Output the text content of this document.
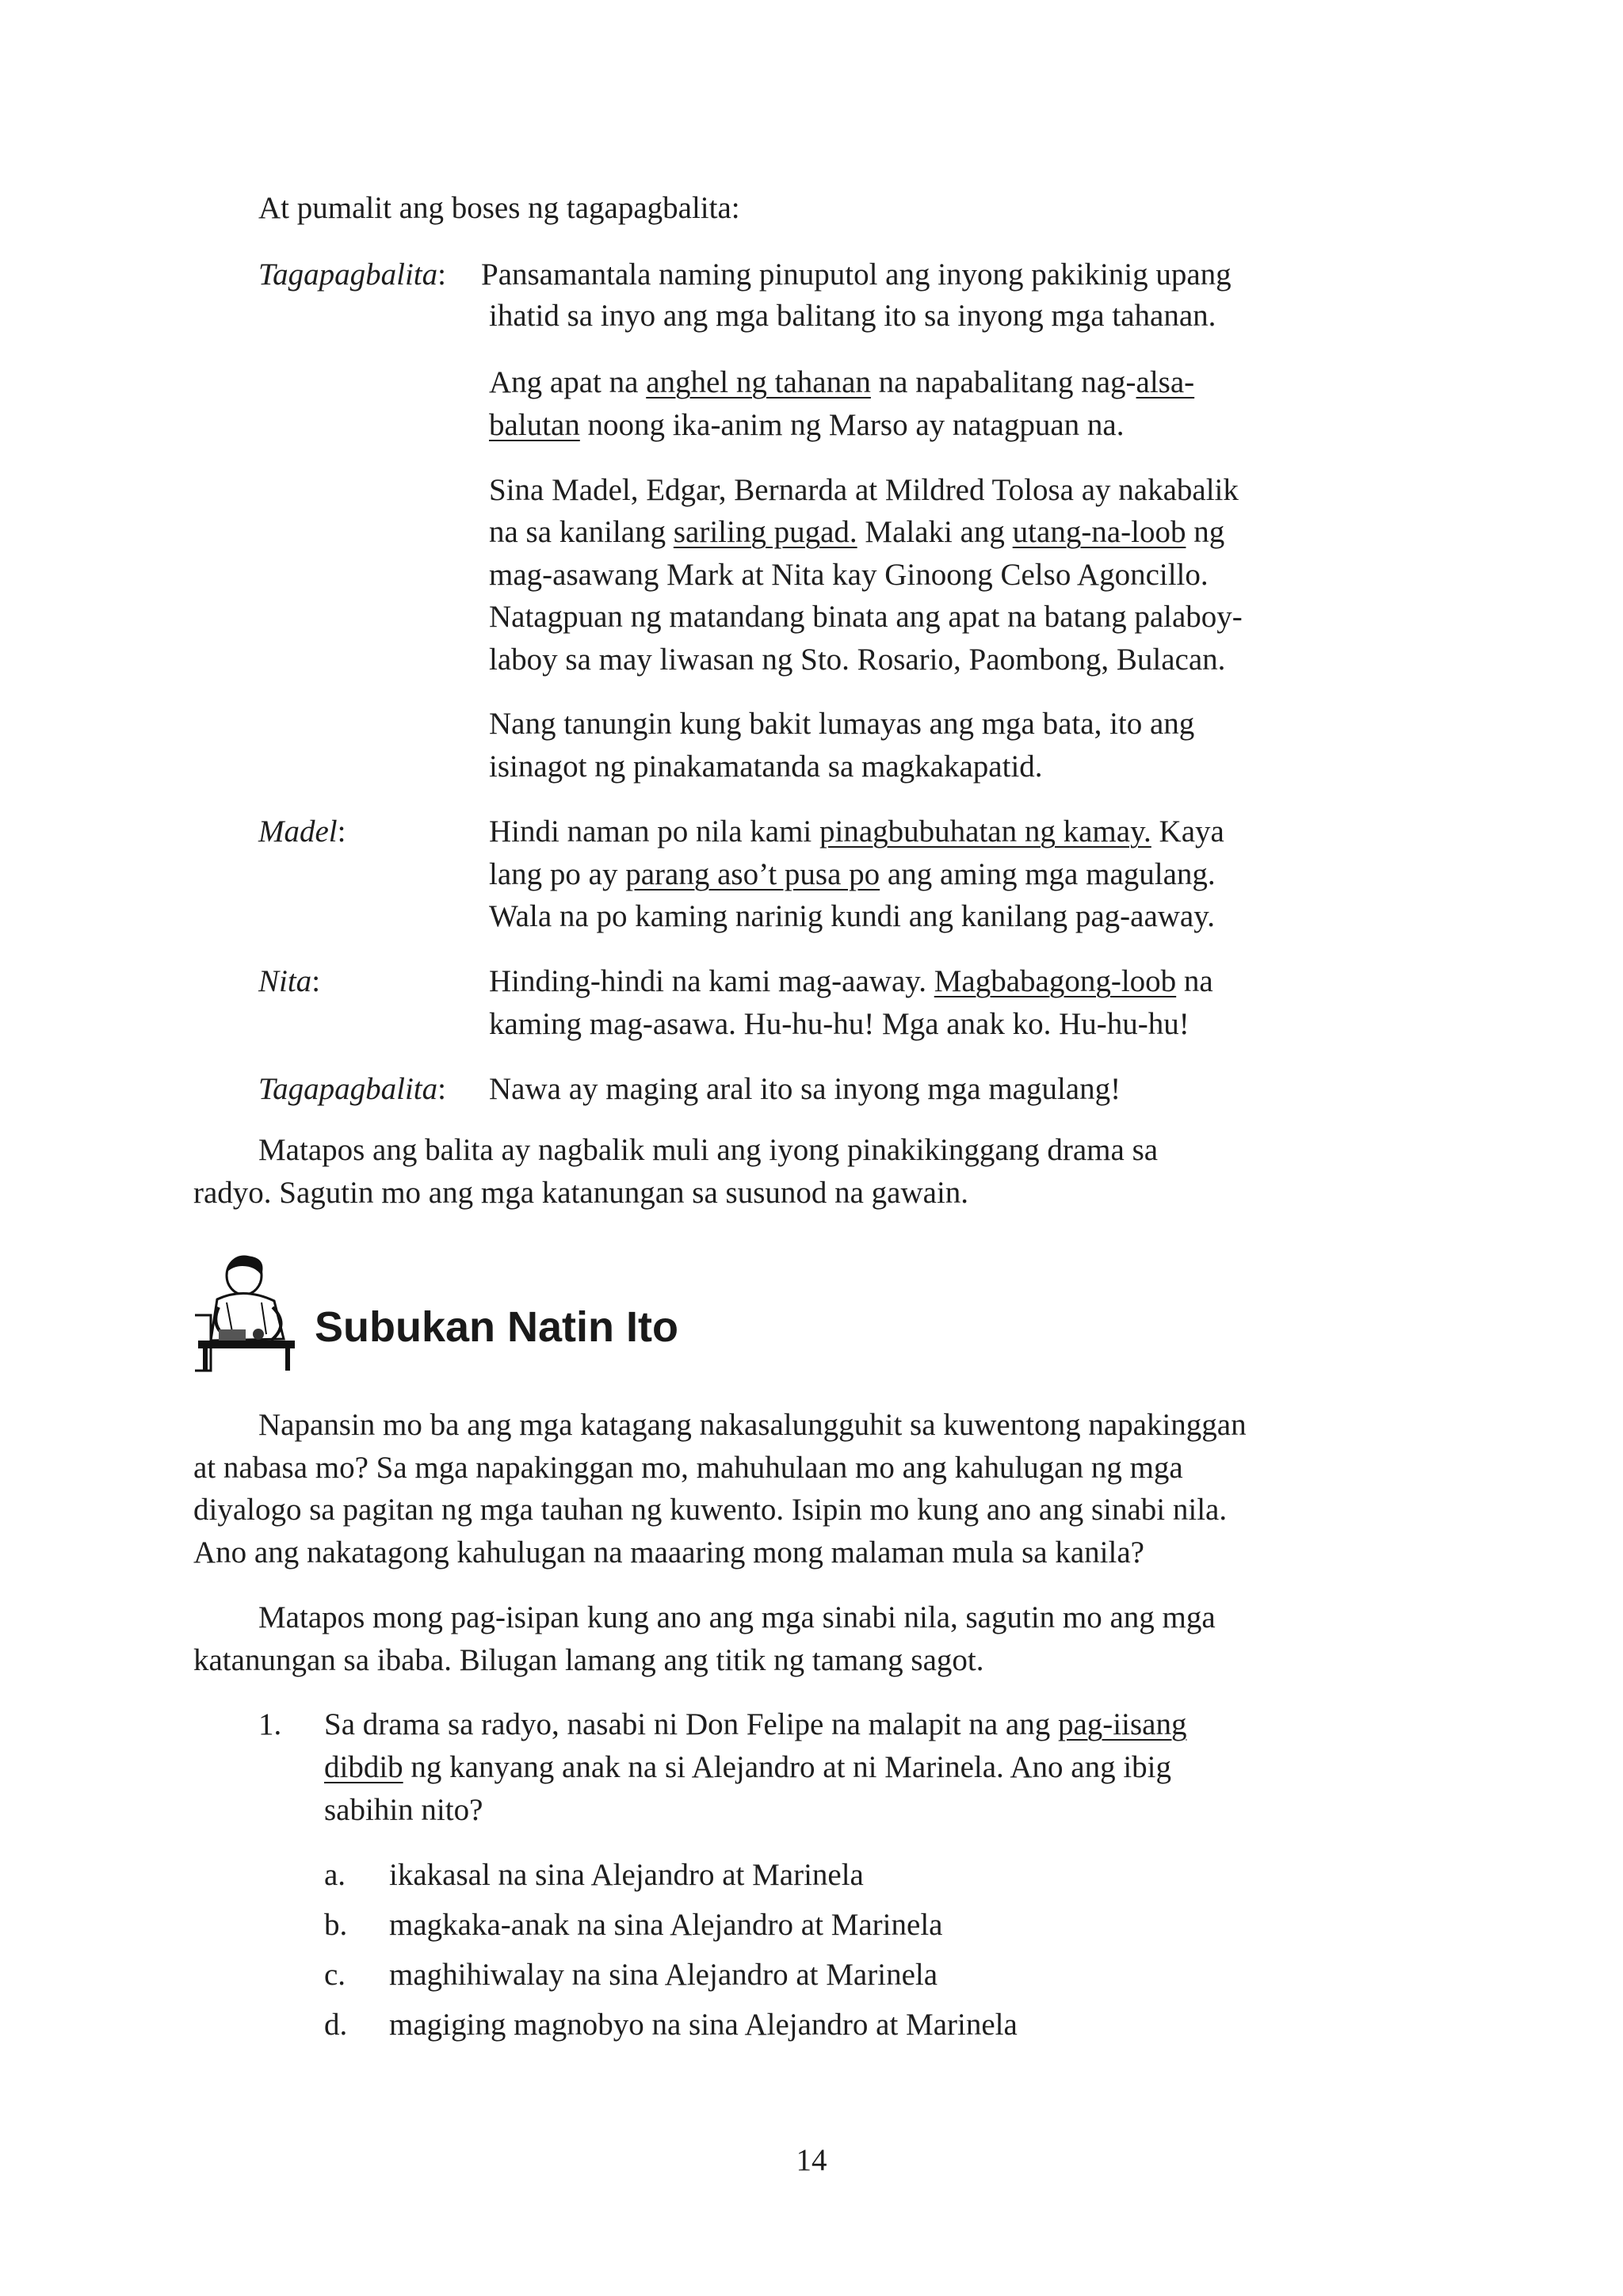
At pumalit ang boses ng tagapagbalita:
Tagapagbalita: Pansamantala naming pinuputol ang inyong pakikinig upang
ihatid sa inyo ang mga balitang ito sa inyong mga tahanan.
Ang apat na anghel ng tahanan na napabalitang nag-alsa-
balutan noong ika-anim ng Marso ay natagpuan na.
Sina Madel, Edgar, Bernarda at Mildred Tolosa ay nakabalik
na sa kanilang sariling pugad. Malaki ang utang-na-loob ng
mag-asawang Mark at Nita kay Ginoong Celso Agoncillo.
Natagpuan ng matandang binata ang apat na batang palaboy-
laboy sa may liwasan ng Sto. Rosario, Paombong, Bulacan.
Nang tanungin kung bakit lumayas ang mga bata, ito ang
isinagot ng pinakamatanda sa magkakapatid.
Madel:	Hindi naman po nila kami pinagbubuhatan ng kamay. Kaya
lang po ay parang aso’t pusa po ang aming mga magulang.
Wala na po kaming narinig kundi ang kanilang pag-aaway.
Nita:	Hinding-hindi na kami mag-aaway. Magbabagong-loob na
kaming mag-asawa. Hu-hu-hu! Mga anak ko. Hu-hu-hu!
Tagapagbalita: Nawa ay maging aral ito sa inyong mga magulang!
Matapos ang balita ay nagbalik muli ang iyong pinakikinggang drama sa
radyo. Sagutin mo ang mga katanungan sa susunod na gawain.
Subukan Natin Ito
Napansin mo ba ang mga katagang nakasalungguhit sa kuwentong napakinggan
at nabasa mo? Sa mga napakinggan mo, mahuhulaan mo ang kahulugan ng mga
diyalogo sa pagitan ng mga tauhan ng kuwento. Isipin mo kung ano ang sinabi nila.
Ano ang nakatagong kahulugan na maaaring mong malaman mula sa kanila?
Matapos mong pag-isipan kung ano ang mga sinabi nila, sagutin mo ang mga
katanungan sa ibaba. Bilugan lamang ang titik ng tamang sagot.
1. Sa drama sa radyo, nasabi ni Don Felipe na malapit na ang pag-iisang
dibdib ng kanyang anak na si Alejandro at ni Marinela. Ano ang ibig
sabihin nito?
a. ikakasal na sina Alejandro at Marinela
b. magkaka-anak na sina Alejandro at Marinela
c. maghihiwalay na sina Alejandro at Marinela
d. magiging magnobyo na sina Alejandro at Marinela
14
